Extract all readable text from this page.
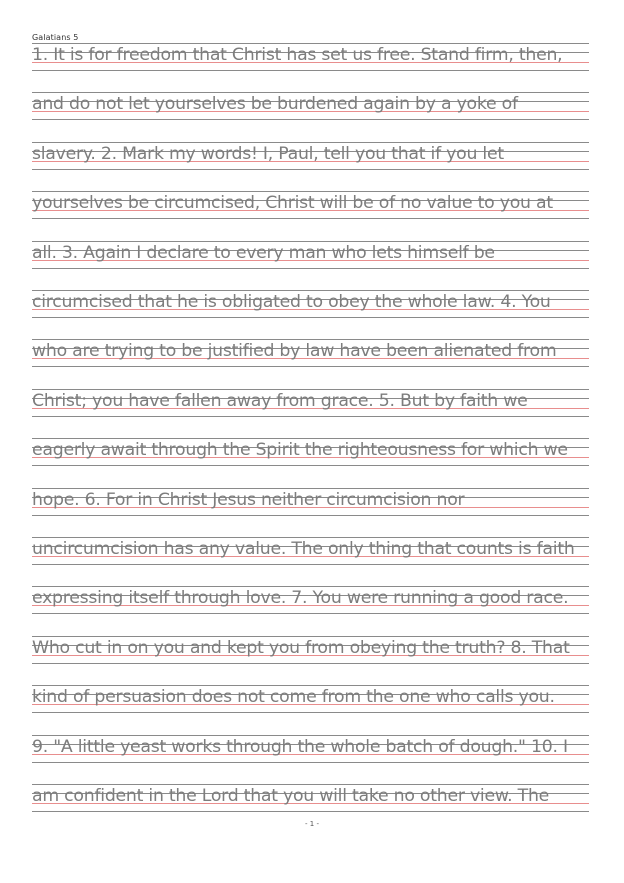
Galatians 5
1. It is for freedom that Christ has set us free. Stand firm, then,
and do not let yourselves be burdened again by a yoke of
slavery. 2. Mark my words! I, Paul, tell you that if you let
yourselves be circumcised, Christ will be of no value to you at
all. 3. Again I declare to every man who lets himself be
circumcised that he is obligated to obey the whole law. 4. You
who are trying to be justified by law have been alienated from
Christ; you have fallen away from grace. 5. But by faith we
eagerly await through the Spirit the righteousness for which we
hope. 6. For in Christ Jesus neither circumcision nor
uncircumcision has any value. The only thing that counts is faith
expressing itself through love. 7. You were running a good race.
Who cut in on you and kept you from obeying the truth? 8. That
kind of persuasion does not come from the one who calls you.
9. "A little yeast works through the whole batch of dough." 10. I
am confident in the Lord that you will take no other view. The
- 1 -
